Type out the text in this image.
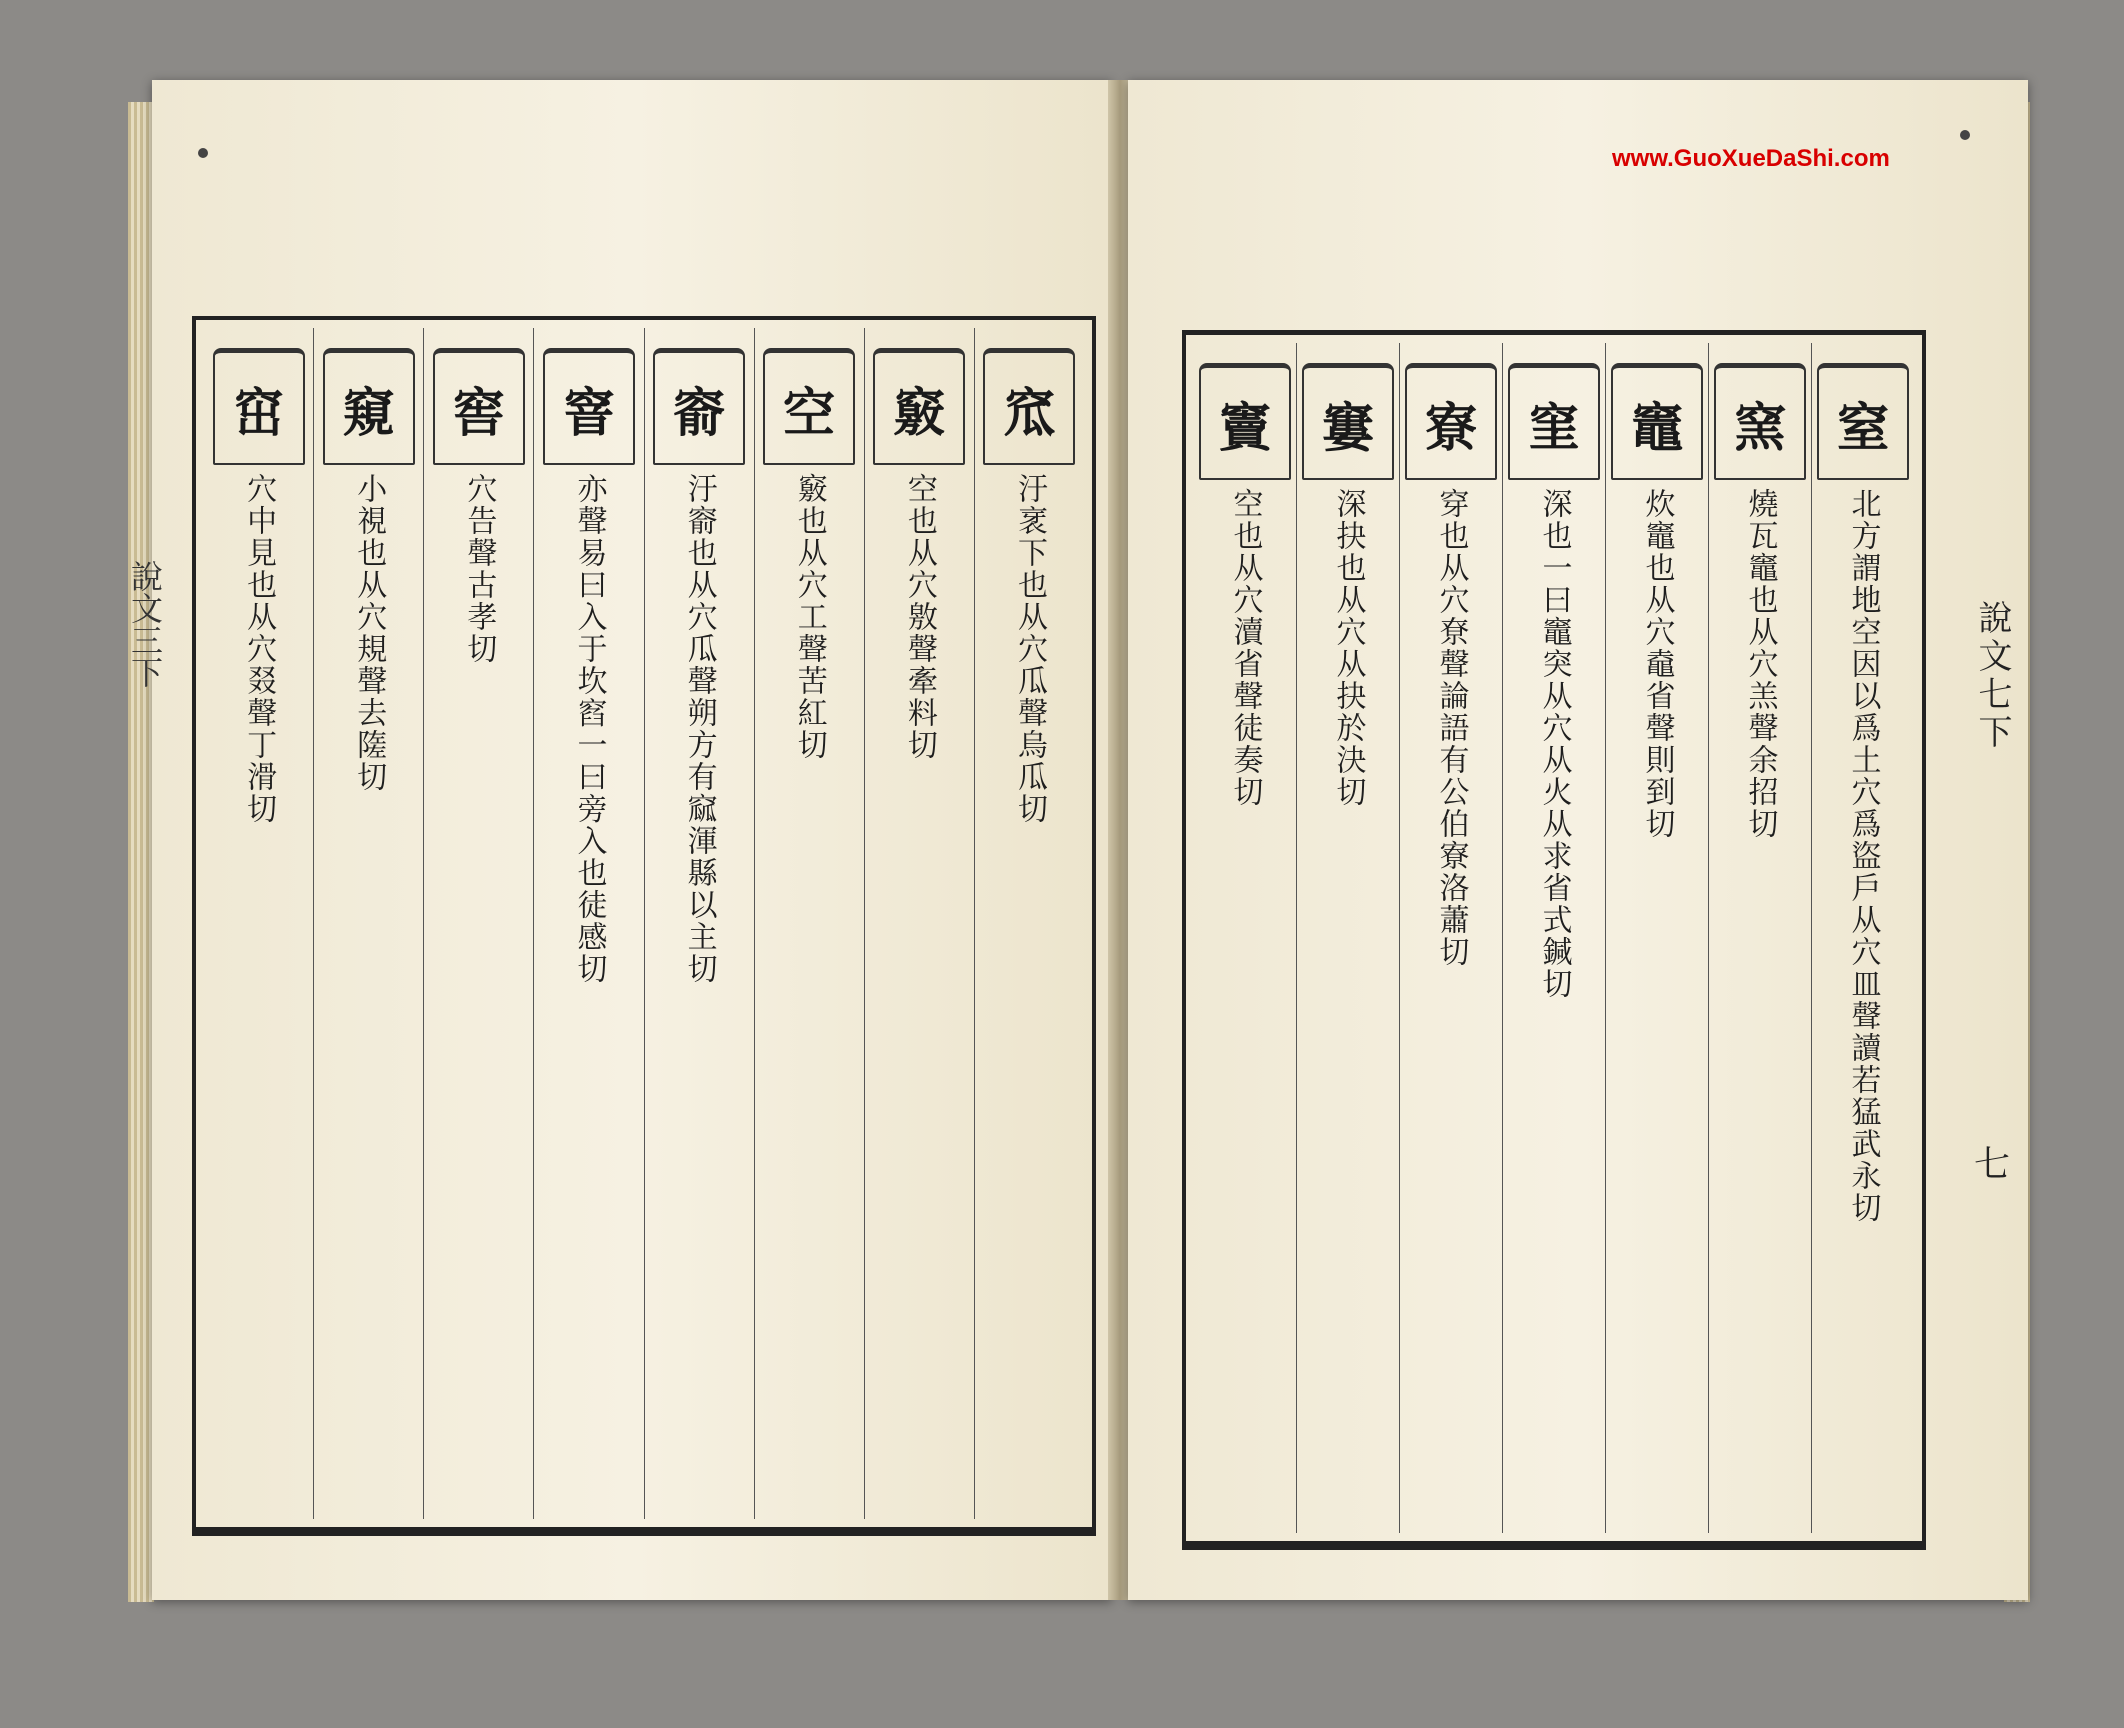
窊
汙衺下也从穴瓜聲烏瓜切
竅
空也从穴敫聲牽料切
空
竅也从穴工聲苦紅切
窬
汙窬也从穴瓜聲朔方有窳渾縣以主切
窨
亦聲易曰入于坎窞一曰旁入也徒感切
窖
穴告聲古孝切
窺
小視也从穴規聲去隓切
窋
穴中見也从穴叕聲丁滑切
窒
北方謂地空因以爲土穴爲盜戶从穴皿聲讀若猛武永切
窯
燒瓦竈也从穴羔聲余招切
竈
炊竈也从穴鼀省聲則到切
窐
深也一曰竈突从穴从火从求省式鍼切
寮
穿也从穴尞聲論語有公伯寮洛蕭切
窶
深抉也从穴从抉於決切
竇
空也从穴瀆省聲徒奏切
說文三下	說文七下
七
www.GuoXueDaShi.com
